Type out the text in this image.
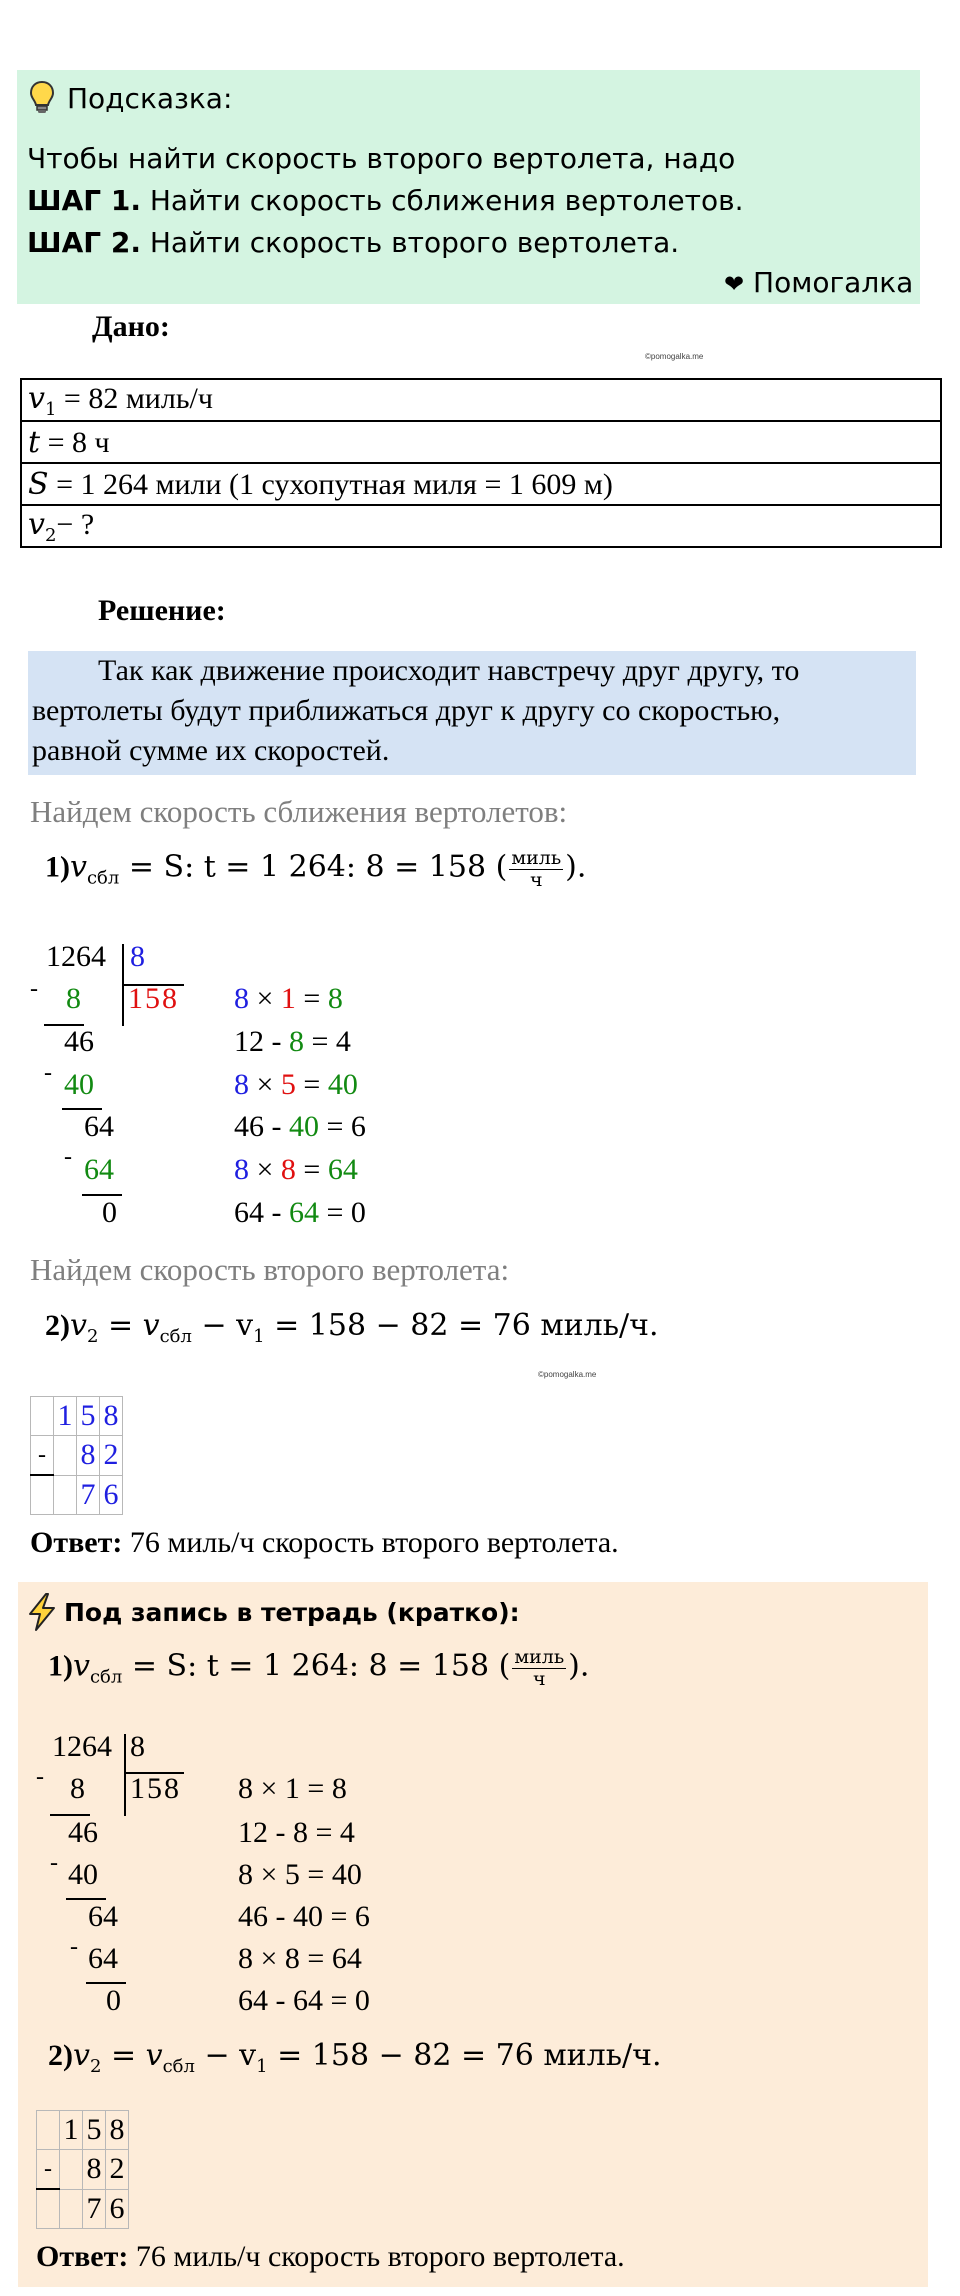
Подсказка:
Чтобы найти скорость второго вертолета, надо
ШАГ 1. Найти скорость сближения вертолетов.
ШАГ 2. Найти скорость второго вертолета.
❤ Помогалка
Дано:
©pomogalka.me
$v_1 = 82$ миль/ч
t = 8 ч
S = 1 264 мили (1 сухопутная миля = 1 609 м)
$v_2-$ ?
Решение:
Так как движение происходит навстречу друг другу, то
вертолеты будут приближаться друг к другу со скоростью,
равной сумме их скоростей.
Найдем скорость сближения вертолетов:
$1)v_{сбл} = S$: t = 1 264: 8 = 158 ( $\frac{\text{миль}}{ч}$ ).
1264 8
- 8 158
46
- 40
64
- 64
0
8 × 1 = 8
12 - 8 = 4
8 × 5 = 40
46 - 40 = 6
8 × 8 = 64
64 - 64 = 0
Найдем скорость второго вертолета:
$2)v_2 = v_{сбл} - v_1 = 158 - 82 = 76$ миль/ч.
©pomogalka.me
	1	5	8
-		8	2
		7	6
Ответ: 76 миль/ч скорость второго вертолета.
Под запись в тетрадь (кратко):
$1)v_{сбл} = S$: t = 1 264: 8 = 158 ( $\frac{\text{миль}}{ч}$ ).
1264 8
- 8 158
46
- 40
64
- 64
0
8 × 1 = 8
12 - 8 = 4
8 × 5 = 40
46 - 40 = 6
8 × 8 = 64
64 - 64 = 0
$2)v_2 = v_{сбл} - v_1 = 158 - 82 = 76$ миль/ч.
	1	5	8
-		8	2
		7	6
Ответ: 76 миль/ч скорость второго вертолета.
